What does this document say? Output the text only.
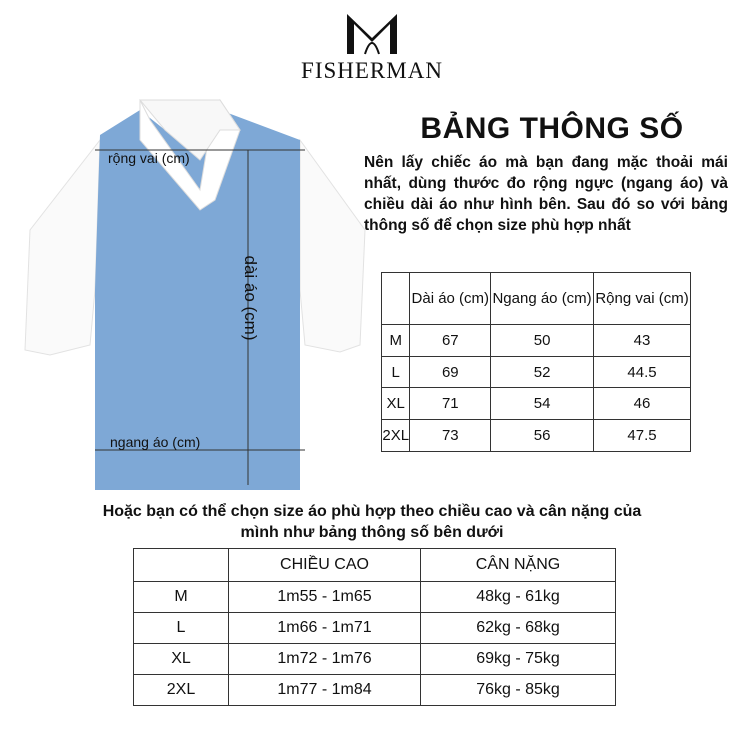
FISHERMAN
rộng vai (cm)
dài áo (cm)
ngang áo (cm)
BẢNG THÔNG SỐ
Nên lấy chiếc áo mà bạn đang mặc thoải mái nhất, dùng thước đo rộng ngực (ngang áo) và chiều dài áo như hình bên. Sau đó so với bảng thông số để chọn size phù hợp nhất
	Dài áo (cm)	Ngang áo (cm)	Rộng vai (cm)
M	67	50	43
L	69	52	44.5
XL	71	54	46
2XL	73	56	47.5
Hoặc bạn có thể chọn size áo phù hợp theo chiều cao và cân nặng của mình như bảng thông số bên dưới
	CHIỀU CAO	CÂN NẶNG
M	1m55 - 1m65	48kg - 61kg
L	1m66 - 1m71	62kg - 68kg
XL	1m72 - 1m76	69kg - 75kg
2XL	1m77 - 1m84	76kg - 85kg
